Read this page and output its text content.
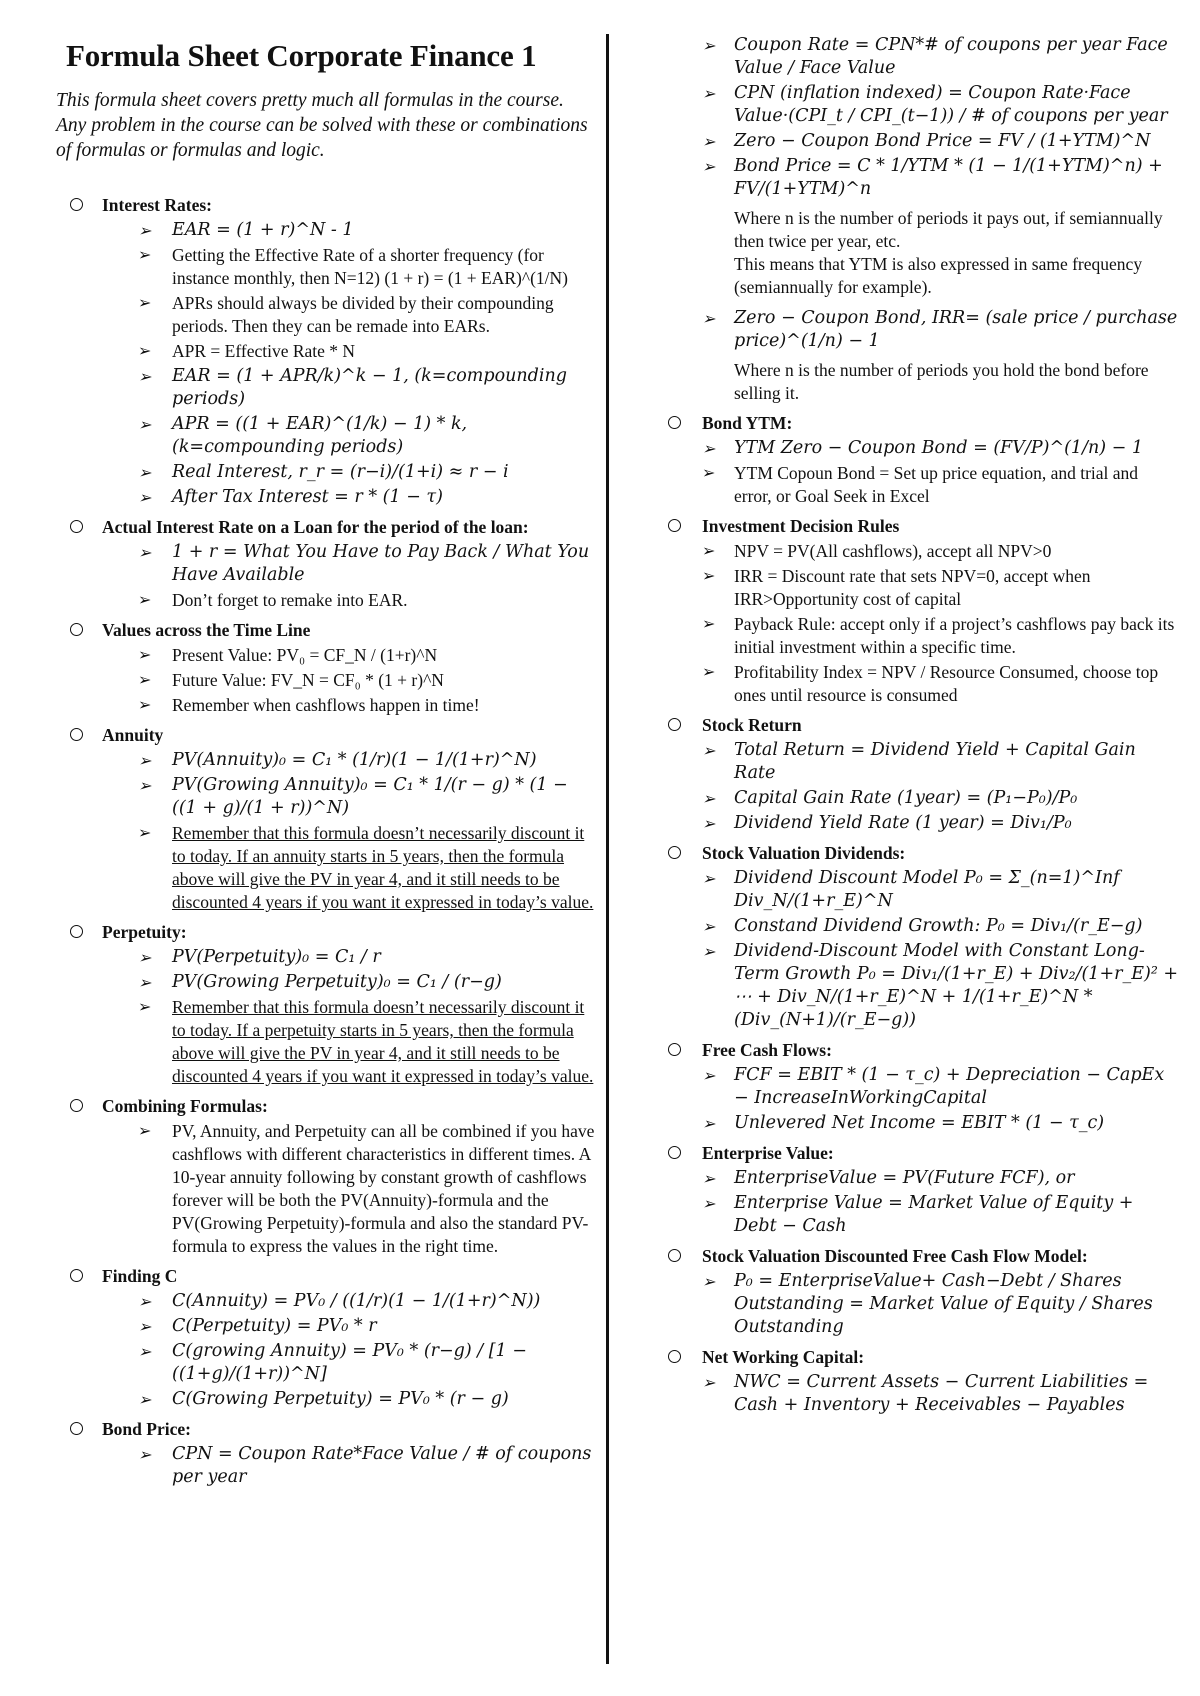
Formula Sheet Corporate Finance 1

This formula sheet covers pretty much all formulas in the course. Any problem in the course can be solved with these or combinations of formulas or formulas and logic.

Interest Rates:
➢ EAR = (1 + r)^N - 1
➢ Getting the Effective Rate of a shorter frequency (for instance monthly, then N=12) (1 + r) = (1 + EAR)^(1/N)
➢ APRs should always be divided by their compounding periods. Then they can be remade into EARs.
➢ APR = Effective Rate * N
➢ EAR = (1 + APR/k)^k − 1, (k=compounding periods)
➢ APR = ((1 + EAR)^(1/k) − 1) * k, (k=compounding periods)
➢ Real Interest, r_r = (r−i)/(1+i) ≈ r − i
➢ After Tax Interest = r * (1 − τ)
Actual Interest Rate on a Loan for the period of the loan:
➢ 1 + r = What You Have to Pay Back / What You Have Available
➢ Don’t forget to remake into EAR.
Values across the Time Line
➢ Present Value: PV₀ = CF_N / (1+r)^N
➢ Future Value: FV_N = CF₀ * (1 + r)^N
➢ Remember when cashflows happen in time!
Annuity
➢ PV(Annuity)₀ = C₁ * (1/r)(1 − 1/(1+r)^N)
➢ PV(Growing Annuity)₀ = C₁ * 1/(r − g) * (1 − ((1 + g)/(1 + r))^N)
➢ Remember that this formula doesn’t necessarily discount it to today. If an annuity starts in 5 years, then the formula above will give the PV in year 4, and it still needs to be discounted 4 years if you want it expressed in today’s value.
Perpetuity:
➢ PV(Perpetuity)₀ = C₁ / r
➢ PV(Growing Perpetuity)₀ = C₁ / (r−g)
➢ Remember that this formula doesn’t necessarily discount it to today. If a perpetuity starts in 5 years, then the formula above will give the PV in year 4, and it still needs to be discounted 4 years if you want it expressed in today’s value.
Combining Formulas:
➢ PV, Annuity, and Perpetuity can all be combined if you have cashflows with different characteristics in different times. A 10-year annuity following by constant growth of cashflows forever will be both the PV(Annuity)-formula and the PV(Growing Perpetuity)-formula and also the standard PV-formula to express the values in the right time.
Finding C
➢ C(Annuity) = PV₀ / ((1/r)(1 − 1/(1+r)^N))
➢ C(Perpetuity) = PV₀ * r
➢ C(growing Annuity) = PV₀ * (r−g) / [1 − ((1+g)/(1+r))^N]
➢ C(Growing Perpetuity) = PV₀ * (r − g)
Bond Price:
➢ CPN = Coupon Rate*Face Value / # of coupons per year
➢ Coupon Rate = CPN*# of coupons per year Face Value / Face Value
➢ CPN (inflation indexed) = Coupon Rate·Face Value·(CPI_t / CPI_(t−1)) / # of coupons per year
➢ Zero − Coupon Bond Price = FV / (1+YTM)^N
➢ Bond Price = C * 1/YTM * (1 − 1/(1+YTM)^n) + FV/(1+YTM)^n
Where n is the number of periods it pays out, if semiannually then twice per year, etc.
This means that YTM is also expressed in same frequency (semiannually for example).
➢ Zero − Coupon Bond, IRR= (sale price / purchase price)^(1/n) − 1
Where n is the number of periods you hold the bond before selling it.
Bond YTM:
➢ YTM Zero − Coupon Bond = (FV/P)^(1/n) − 1
➢ YTM Copoun Bond = Set up price equation, and trial and error, or Goal Seek in Excel
Investment Decision Rules
➢ NPV = PV(All cashflows), accept all NPV>0
➢ IRR = Discount rate that sets NPV=0, accept when IRR>Opportunity cost of capital
➢ Payback Rule: accept only if a project’s cashflows pay back its initial investment within a specific time.
➢ Profitability Index = NPV / Resource Consumed, choose top ones until resource is consumed
Stock Return
➢ Total Return = Dividend Yield + Capital Gain Rate
➢ Capital Gain Rate (1year) = (P₁−P₀)/P₀
➢ Dividend Yield Rate (1 year) = Div₁/P₀
Stock Valuation Dividends:
➢ Dividend Discount Model P₀ = Σ_(n=1)^Inf Div_N/(1+r_E)^N
➢ Constand Dividend Growth: P₀ = Div₁/(r_E−g)
➢ Dividend-Discount Model with Constant Long-Term Growth P₀ = Div₁/(1+r_E) + Div₂/(1+r_E)² + ⋯ + Div_N/(1+r_E)^N + 1/(1+r_E)^N * (Div_(N+1)/(r_E−g))
Free Cash Flows:
➢ FCF = EBIT * (1 − τ_c) + Depreciation − CapEx − IncreaseInWorkingCapital
➢ Unlevered Net Income = EBIT * (1 − τ_c)
Enterprise Value:
➢ EnterpriseValue = PV(Future FCF), or
➢ Enterprise Value = Market Value of Equity + Debt − Cash
Stock Valuation Discounted Free Cash Flow Model:
➢ P₀ = EnterpriseValue+ Cash−Debt / Shares Outstanding = Market Value of Equity / Shares Outstanding
Net Working Capital:
➢ NWC = Current Assets − Current Liabilities = Cash + Inventory + Receivables − Payables
